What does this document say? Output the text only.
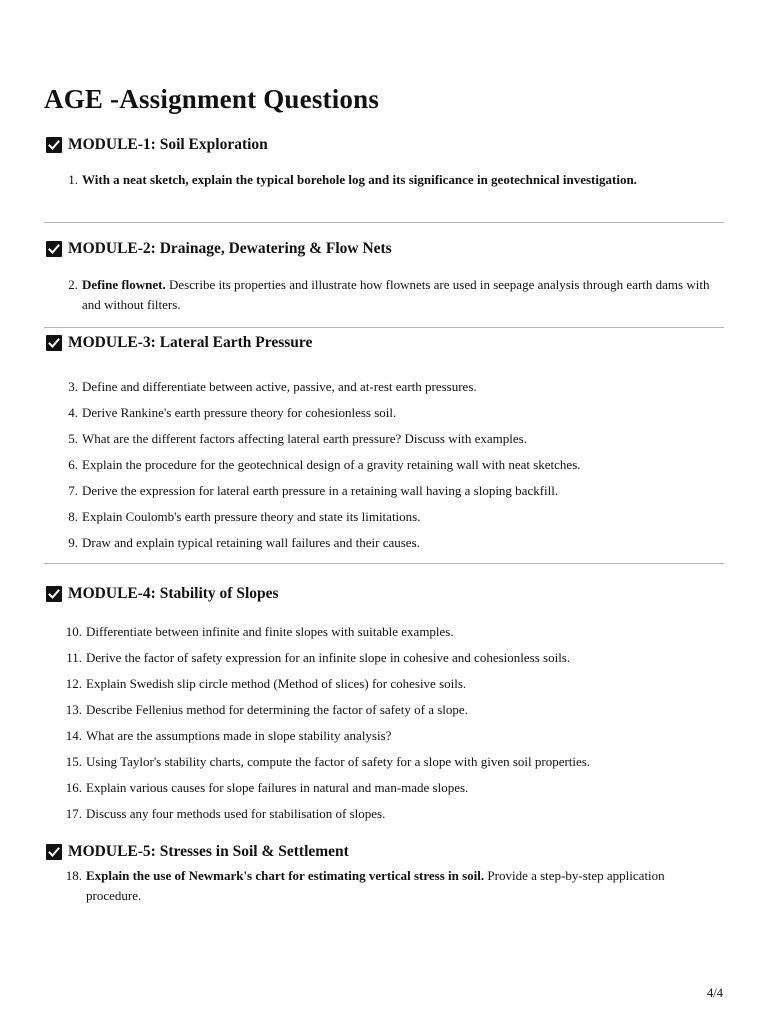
AGE -Assignment Questions
MODULE-1: Soil Exploration
1. With a neat sketch, explain the typical borehole log and its significance in geotechnical investigation.
MODULE-2: Drainage, Dewatering & Flow Nets
2. Define flownet. Describe its properties and illustrate how flownets are used in seepage analysis through earth dams with and without filters.
MODULE-3: Lateral Earth Pressure
3. Define and differentiate between active, passive, and at-rest earth pressures.
4. Derive Rankine's earth pressure theory for cohesionless soil.
5. What are the different factors affecting lateral earth pressure? Discuss with examples.
6. Explain the procedure for the geotechnical design of a gravity retaining wall with neat sketches.
7. Derive the expression for lateral earth pressure in a retaining wall having a sloping backfill.
8. Explain Coulomb's earth pressure theory and state its limitations.
9. Draw and explain typical retaining wall failures and their causes.
MODULE-4: Stability of Slopes
10. Differentiate between infinite and finite slopes with suitable examples.
11. Derive the factor of safety expression for an infinite slope in cohesive and cohesionless soils.
12. Explain Swedish slip circle method (Method of slices) for cohesive soils.
13. Describe Fellenius method for determining the factor of safety of a slope.
14. What are the assumptions made in slope stability analysis?
15. Using Taylor's stability charts, compute the factor of safety for a slope with given soil properties.
16. Explain various causes for slope failures in natural and man-made slopes.
17. Discuss any four methods used for stabilisation of slopes.
MODULE-5: Stresses in Soil & Settlement
18. Explain the use of Newmark's chart for estimating vertical stress in soil. Provide a step-by-step application procedure.
4/4
